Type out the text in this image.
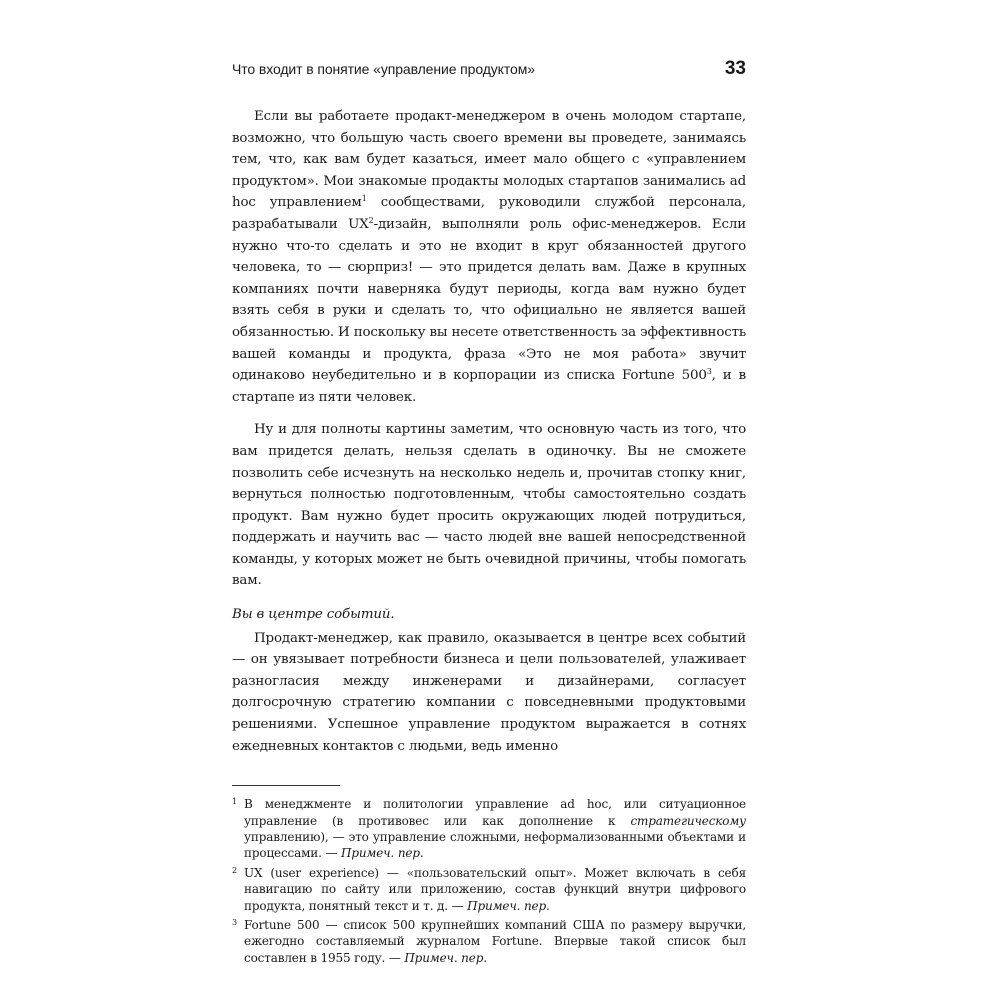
Что входит в понятие «управление продуктом»	33

Если вы работаете продакт-менеджером в очень молодом стартапе, возможно, что большую часть своего времени вы проведете, занимаясь тем, что, как вам будет казаться, имеет мало общего с «управлением продуктом». Мои знакомые продакты молодых стартапов занимались ad hoc управлением$^1$ сообществами, руководили службой персонала, разрабатывали $UX^2$-дизайн, выполняли роль офис-менеджеров. Если нужно что-то сделать и это не входит в круг обязанностей другого человека, то — сюрприз! — это придется делать вам. Даже в крупных компаниях почти наверняка будут периоды, когда вам нужно будет взять себя в руки и сделать то, что официально не является вашей обязанностью. И поскольку вы несете ответственность за эффективность вашей команды и продукта, фраза «Это не моя работа» звучит одинаково неубедительно и в корпорации из списка Fortune $500^3$, и в стартапе из пяти человек.

Ну и для полноты картины заметим, что основную часть из того, что вам придется делать, нельзя сделать в одиночку. Вы не сможете позволить себе исчезнуть на несколько недель и, прочитав стопку книг, вернуться полностью подготовленным, чтобы самостоятельно создать продукт. Вам нужно будет просить окружающих людей потрудиться, поддержать и научить вас — часто людей вне вашей непосредственной команды, у которых может не быть очевидной причины, чтобы помогать вам.

Вы в центре событий.

Продакт-менеджер, как правило, оказывается в центре всех событий — он увязывает потребности бизнеса и цели пользователей, улаживает разногласия между инженерами и дизайнерами, согласует долгосрочную стратегию компании с повседневными продуктовыми решениями. Успешное управление продуктом выражается в сотнях ежедневных контактов с людьми, ведь именно

1 В менеджменте и политологии управление ad hoc, или ситуационное управление (в противовес или как дополнение к стратегическому управлению), — это управление сложными, неформализованными объектами и процессами. — Примеч. пер.
2 UX (user experience) — «пользовательский опыт». Может включать в себя навигацию по сайту или приложению, состав функций внутри цифрового продукта, понятный текст и т. д. — Примеч. пер.
3 Fortune 500 — список 500 крупнейших компаний США по размеру выручки, ежегодно составляемый журналом Fortune. Впервые такой список был составлен в 1955 году. — Примеч. пер.
